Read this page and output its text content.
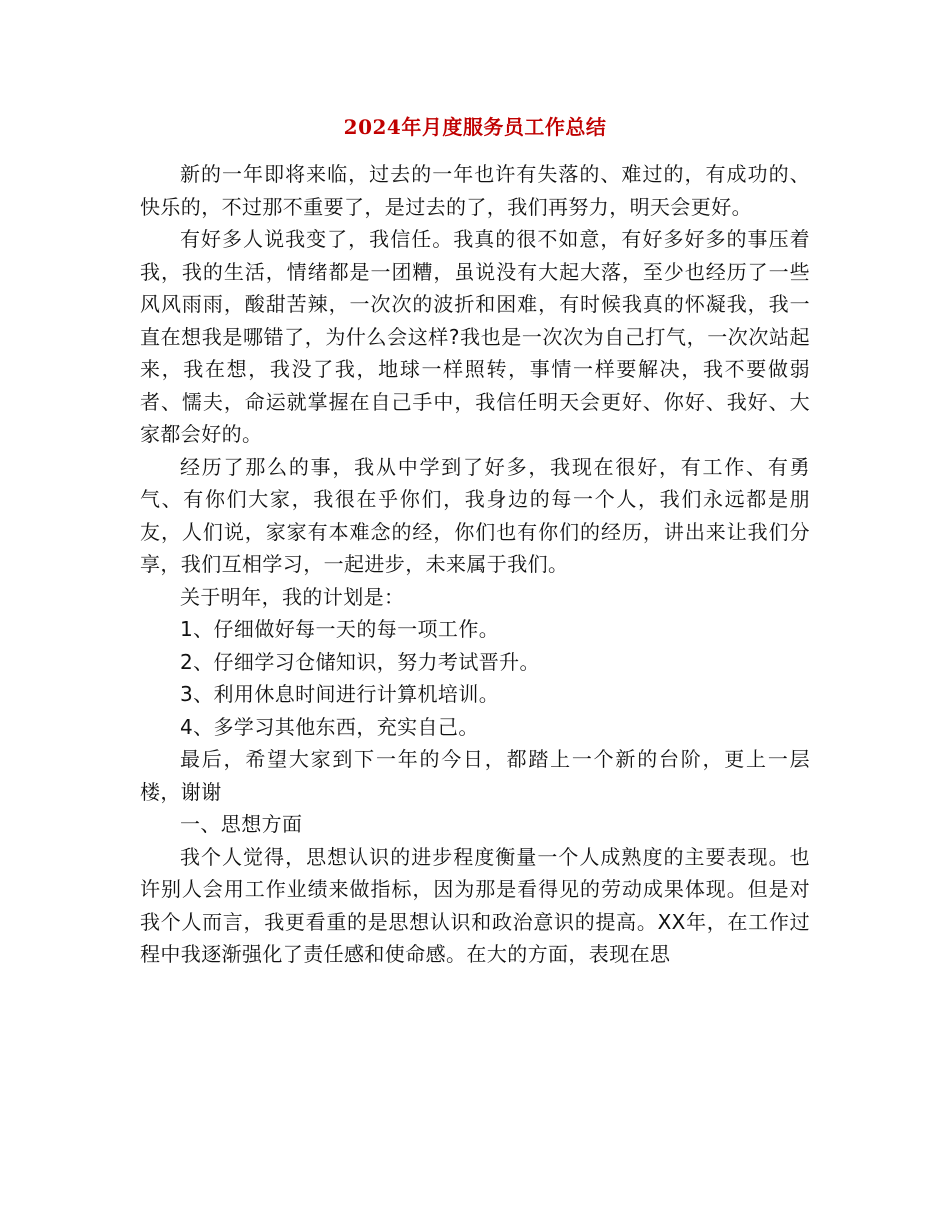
2024年月度服务员工作总结

新的一年即将来临，过去的一年也许有失落的、难过的，有成功的、快乐的，不过那不重要了，是过去的了，我们再努力，明天会更好。

有好多人说我变了，我信任。我真的很不如意，有好多好多的事压着我，我的生活，情绪都是一团糟，虽说没有大起大落，至少也经历了一些风风雨雨，酸甜苦辣，一次次的波折和困难，有时候我真的怀凝我，我一直在想我是哪错了，为什么会这样?我也是一次次为自己打气，一次次站起来，我在想，我没了我，地球一样照转，事情一样要解决，我不要做弱者、懦夫，命运就掌握在自己手中，我信任明天会更好、你好、我好、大家都会好的。

经历了那么的事，我从中学到了好多，我现在很好，有工作、有勇气、有你们大家，我很在乎你们，我身边的每一个人，我们永远都是朋友，人们说，家家有本难念的经，你们也有你们的经历，讲出来让我们分享，我们互相学习，一起进步，未来属于我们。

关于明年，我的计划是：

1、仔细做好每一天的每一项工作。

2、仔细学习仓储知识，努力考试晋升。

3、利用休息时间进行计算机培训。

4、多学习其他东西，充实自己。

最后，希望大家到下一年的今日，都踏上一个新的台阶，更上一层楼，谢谢

一、思想方面

我个人觉得，思想认识的进步程度衡量一个人成熟度的主要表现。也许别人会用工作业绩来做指标，因为那是看得见的劳动成果体现。但是对我个人而言，我更看重的是思想认识和政治意识的提高。XX年，在工作过程中我逐渐强化了责任感和使命感。在大的方面，表现在思
